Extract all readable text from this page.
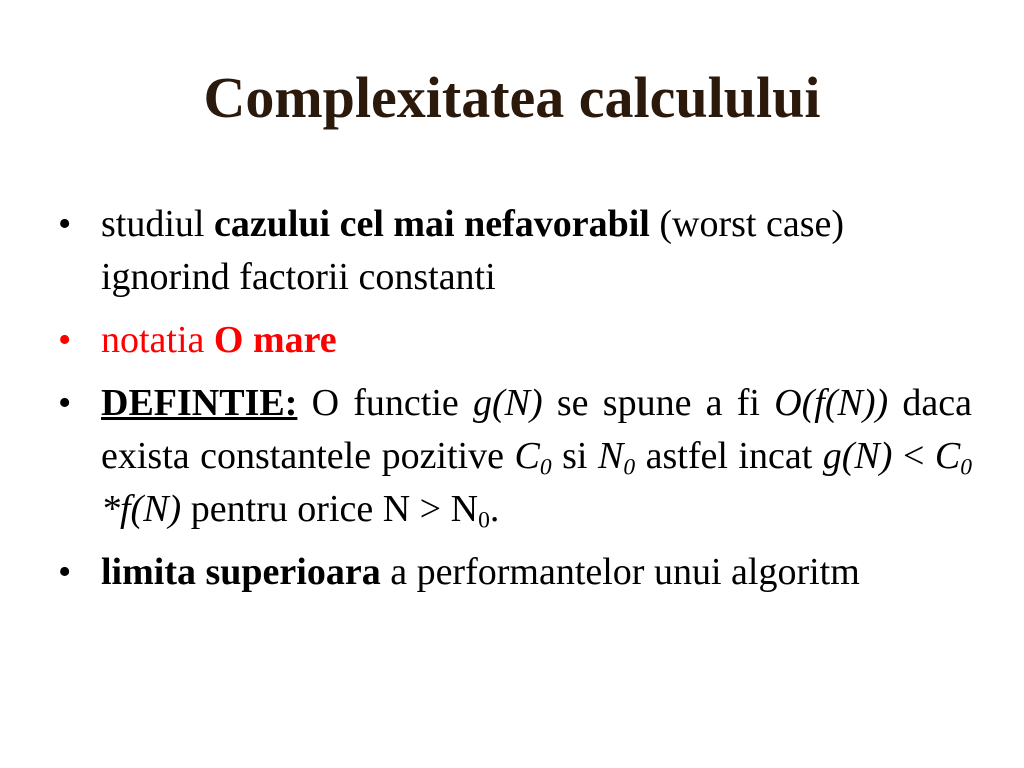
Complexitatea calculului
• studiul cazului cel mai nefavorabil (worst case) ignorind factorii constanti
• notatia O mare
• DEFINTIE: O functie g(N) se spune a fi O(f(N)) daca exista constantele pozitive $C_0$ si $N_0$ astfel incat $g(N) < C_0$ *f(N) pentru orice $N > N_0$.
• limita superioara a performantelor unui algoritm
